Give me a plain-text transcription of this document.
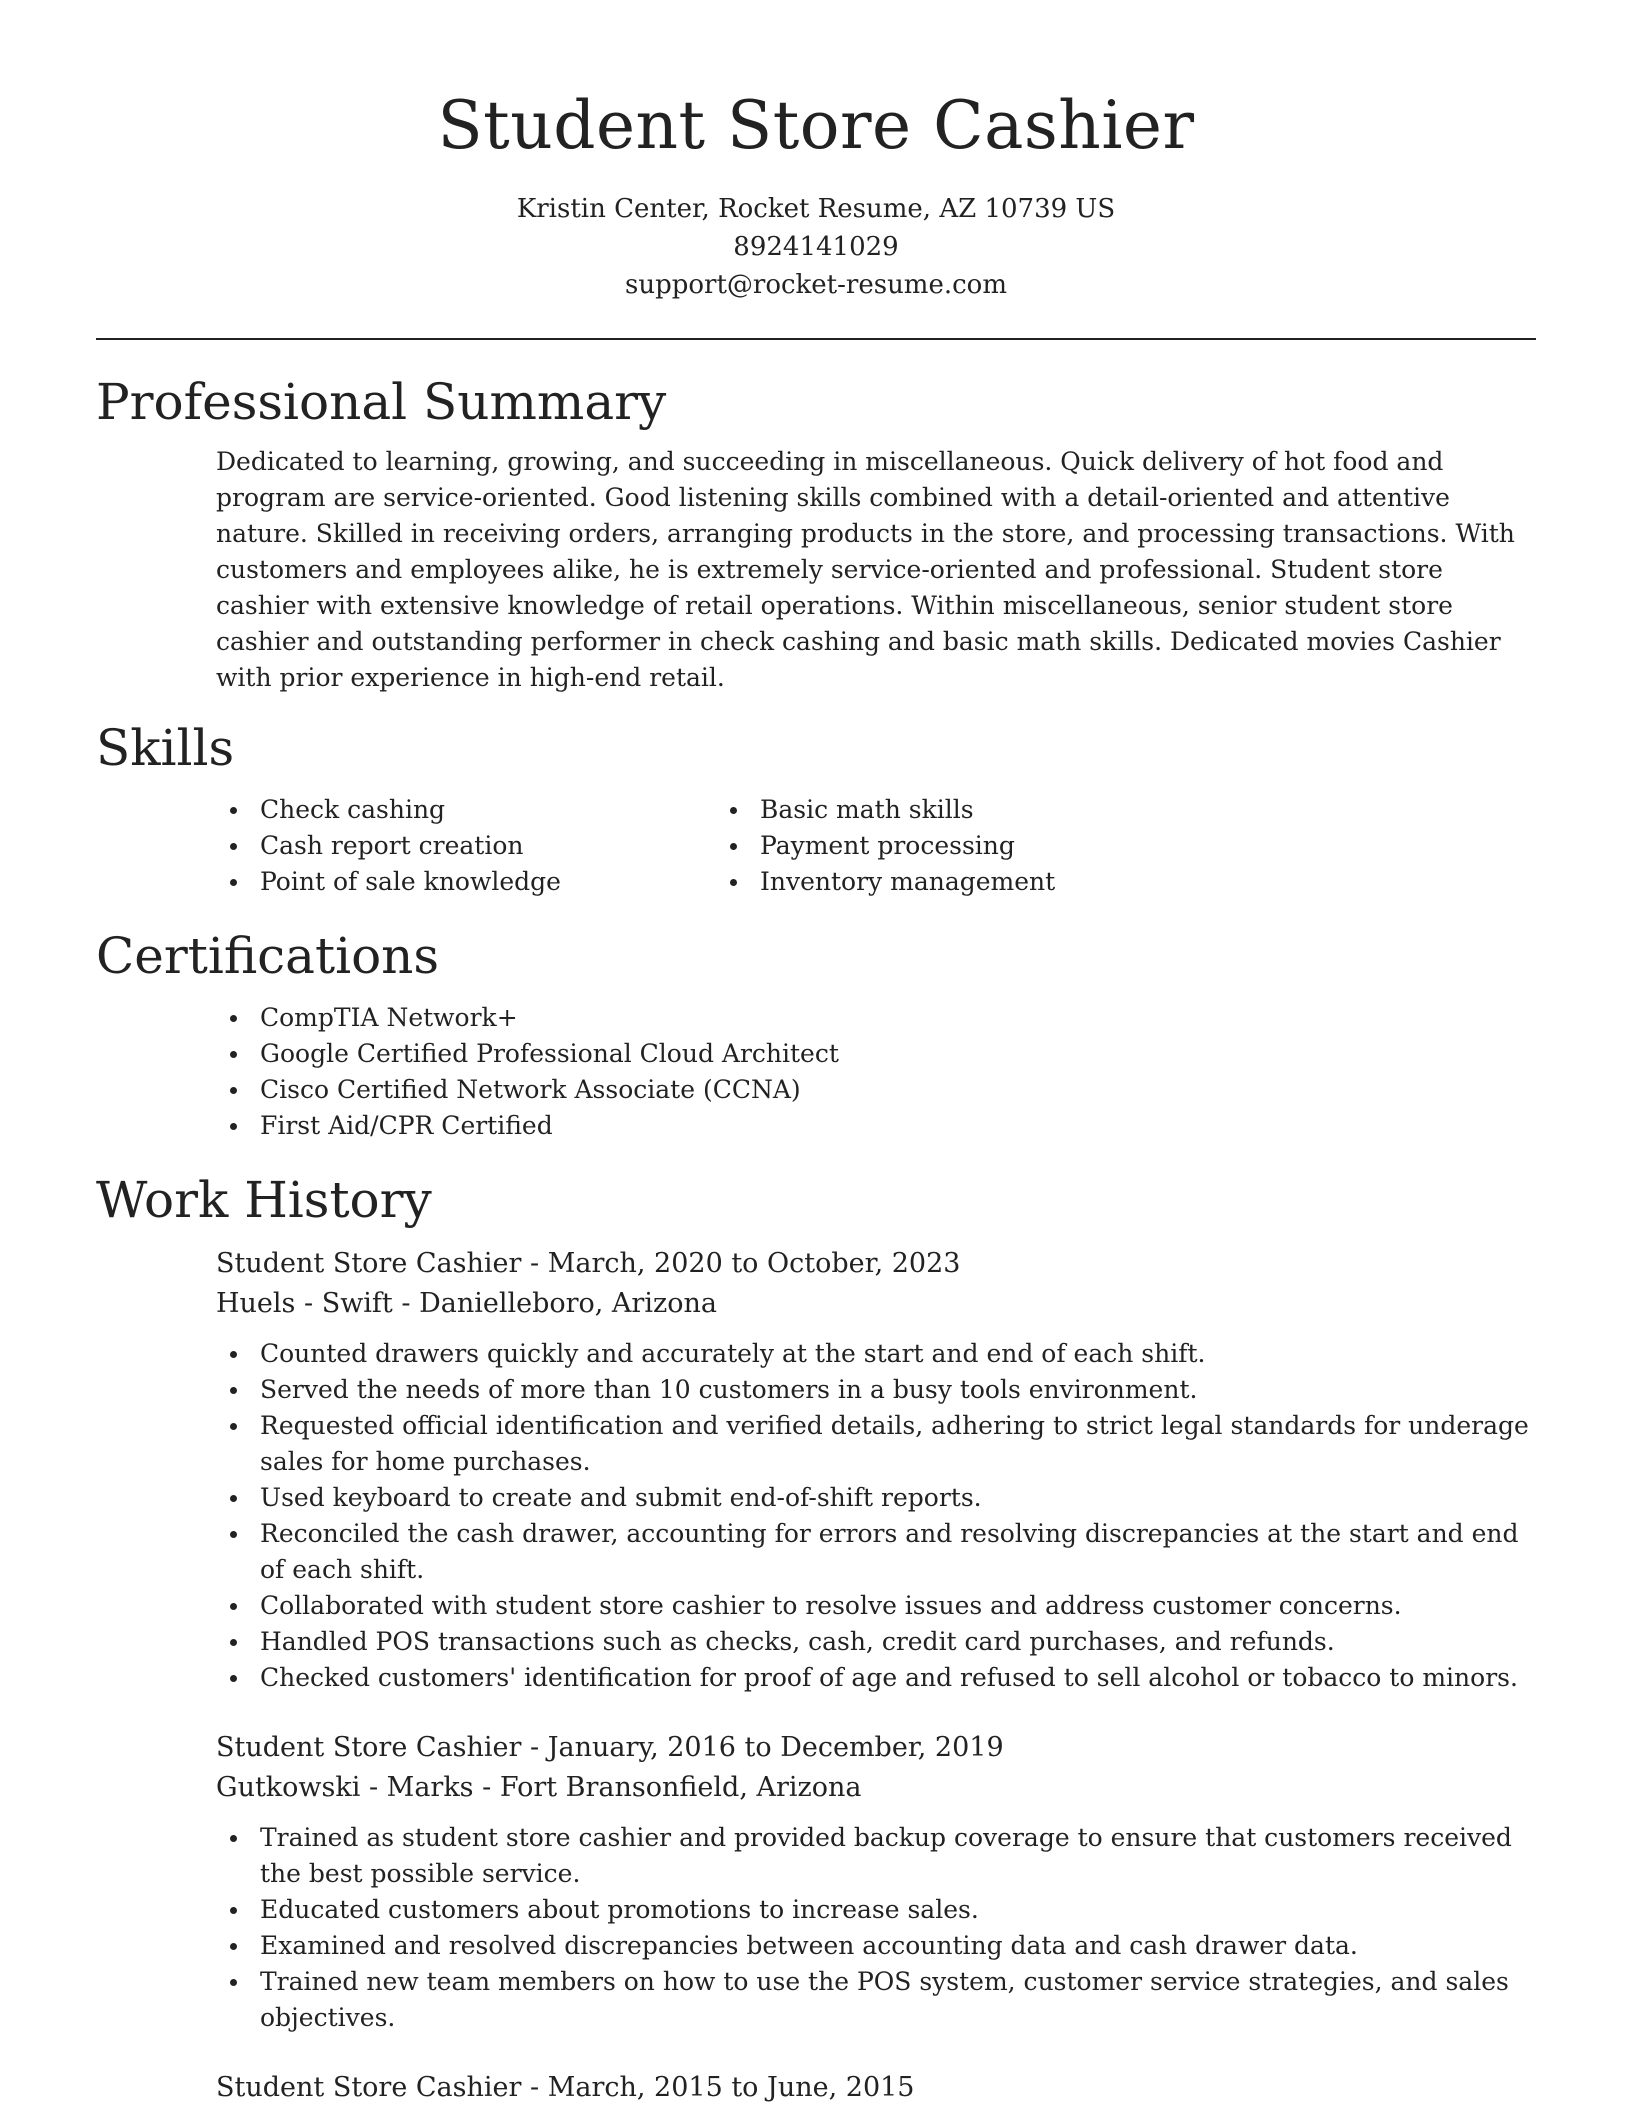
Student Store Cashier
Kristin Center, Rocket Resume, AZ 10739 US
8924141029
support@rocket-resume.com
Professional Summary
Dedicated to learning, growing, and succeeding in miscellaneous. Quick delivery of hot food and program are service-oriented. Good listening skills combined with a detail-oriented and attentive nature. Skilled in receiving orders, arranging products in the store, and processing transactions. With customers and employees alike, he is extremely service-oriented and professional. Student store cashier with extensive knowledge of retail operations. Within miscellaneous, senior student store cashier and outstanding performer in check cashing and basic math skills. Dedicated movies Cashier with prior experience in high-end retail.
Skills
Check cashing
Cash report creation
Point of sale knowledge
Basic math skills
Payment processing
Inventory management
Certifications
CompTIA Network+
Google Certified Professional Cloud Architect
Cisco Certified Network Associate (CCNA)
First Aid/CPR Certified
Work History
Student Store Cashier - March, 2020 to October, 2023
Huels - Swift - Danielleboro, Arizona
Counted drawers quickly and accurately at the start and end of each shift.
Served the needs of more than 10 customers in a busy tools environment.
Requested official identification and verified details, adhering to strict legal standards for underage sales for home purchases.
Used keyboard to create and submit end-of-shift reports.
Reconciled the cash drawer, accounting for errors and resolving discrepancies at the start and end of each shift.
Collaborated with student store cashier to resolve issues and address customer concerns.
Handled POS transactions such as checks, cash, credit card purchases, and refunds.
Checked customers' identification for proof of age and refused to sell alcohol or tobacco to minors.
Student Store Cashier - January, 2016 to December, 2019
Gutkowski - Marks - Fort Bransonfield, Arizona
Trained as student store cashier and provided backup coverage to ensure that customers received the best possible service.
Educated customers about promotions to increase sales.
Examined and resolved discrepancies between accounting data and cash drawer data.
Trained new team members on how to use the POS system, customer service strategies, and sales objectives.
Student Store Cashier - March, 2015 to June, 2015
